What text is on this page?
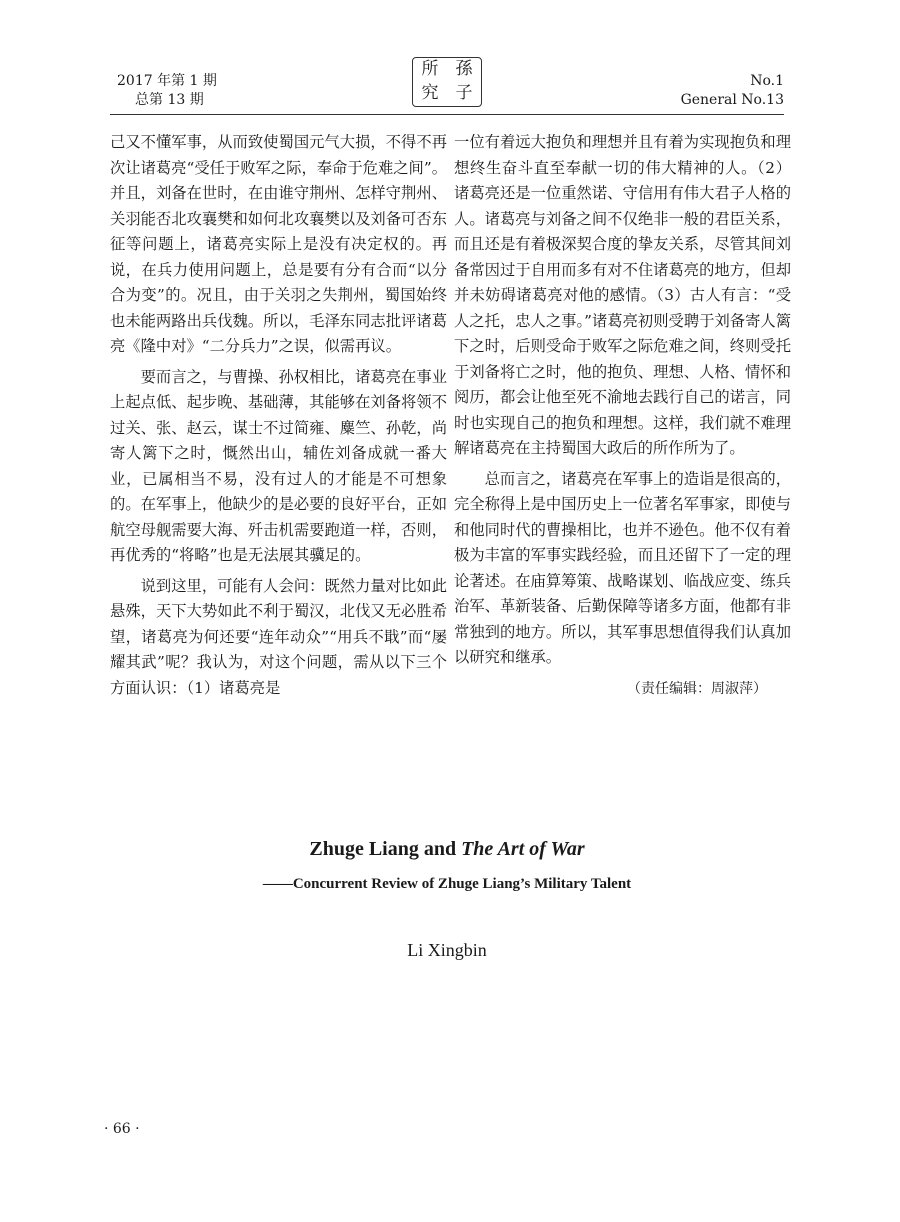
2017 年第 1 期
总第 13 期
所	孫
究	子
No.1
General No.13

己又不懂军事，从而致使蜀国元气大损，不得不再次让诸葛亮“受任于败军之际，奉命于危难之间”。并且，刘备在世时，在由谁守荆州、怎样守荆州、关羽能否北攻襄樊和如何北攻襄樊以及刘备可否东征等问题上，诸葛亮实际上是没有决定权的。再说，在兵力使用问题上，总是要有分有合而“以分合为变”的。况且，由于关羽之失荆州，蜀国始终也未能两路出兵伐魏。所以，毛泽东同志批评诸葛亮《隆中对》“二分兵力”之误，似需再议。

要而言之，与曹操、孙权相比，诸葛亮在事业上起点低、起步晚、基础薄，其能够在刘备将领不过关、张、赵云，谋士不过简雍、麋竺、孙乾，尚寄人篱下之时，慨然出山，辅佐刘备成就一番大业，已属相当不易，没有过人的才能是不可想象的。在军事上，他缺少的是必要的良好平台，正如航空母舰需要大海、歼击机需要跑道一样，否则，再优秀的“将略”也是无法展其骥足的。

说到这里，可能有人会问：既然力量对比如此悬殊，天下大势如此不利于蜀汉，北伐又无必胜希望，诸葛亮为何还要“连年动众”“用兵不戢”而“屡耀其武”呢？我认为，对这个问题，需从以下三个方面认识：（1）诸葛亮是

一位有着远大抱负和理想并且有着为实现抱负和理想终生奋斗直至奉献一切的伟大精神的人。（2）诸葛亮还是一位重然诺、守信用有伟大君子人格的人。诸葛亮与刘备之间不仅绝非一般的君臣关系，而且还是有着极深契合度的挚友关系，尽管其间刘备常因过于自用而多有对不住诸葛亮的地方，但却并未妨碍诸葛亮对他的感情。（3）古人有言：“受人之托，忠人之事。”诸葛亮初则受聘于刘备寄人篱下之时，后则受命于败军之际危难之间，终则受托于刘备将亡之时，他的抱负、理想、人格、情怀和阅历，都会让他至死不渝地去践行自己的诺言，同时也实现自己的抱负和理想。这样，我们就不难理解诸葛亮在主持蜀国大政后的所作所为了。

总而言之，诸葛亮在军事上的造诣是很高的，完全称得上是中国历史上一位著名军事家，即使与和他同时代的曹操相比，也并不逊色。他不仅有着极为丰富的军事实践经验，而且还留下了一定的理论著述。在庙算筹策、战略谋划、临战应变、练兵治军、革新装备、后勤保障等诸多方面，他都有非常独到的地方。所以，其军事思想值得我们认真加以研究和继承。

（责任编辑：周淑萍）
Zhuge Liang and The Art of War
——Concurrent Review of Zhuge Liang’s Military Talent
Li Xingbin
· 66 ·
